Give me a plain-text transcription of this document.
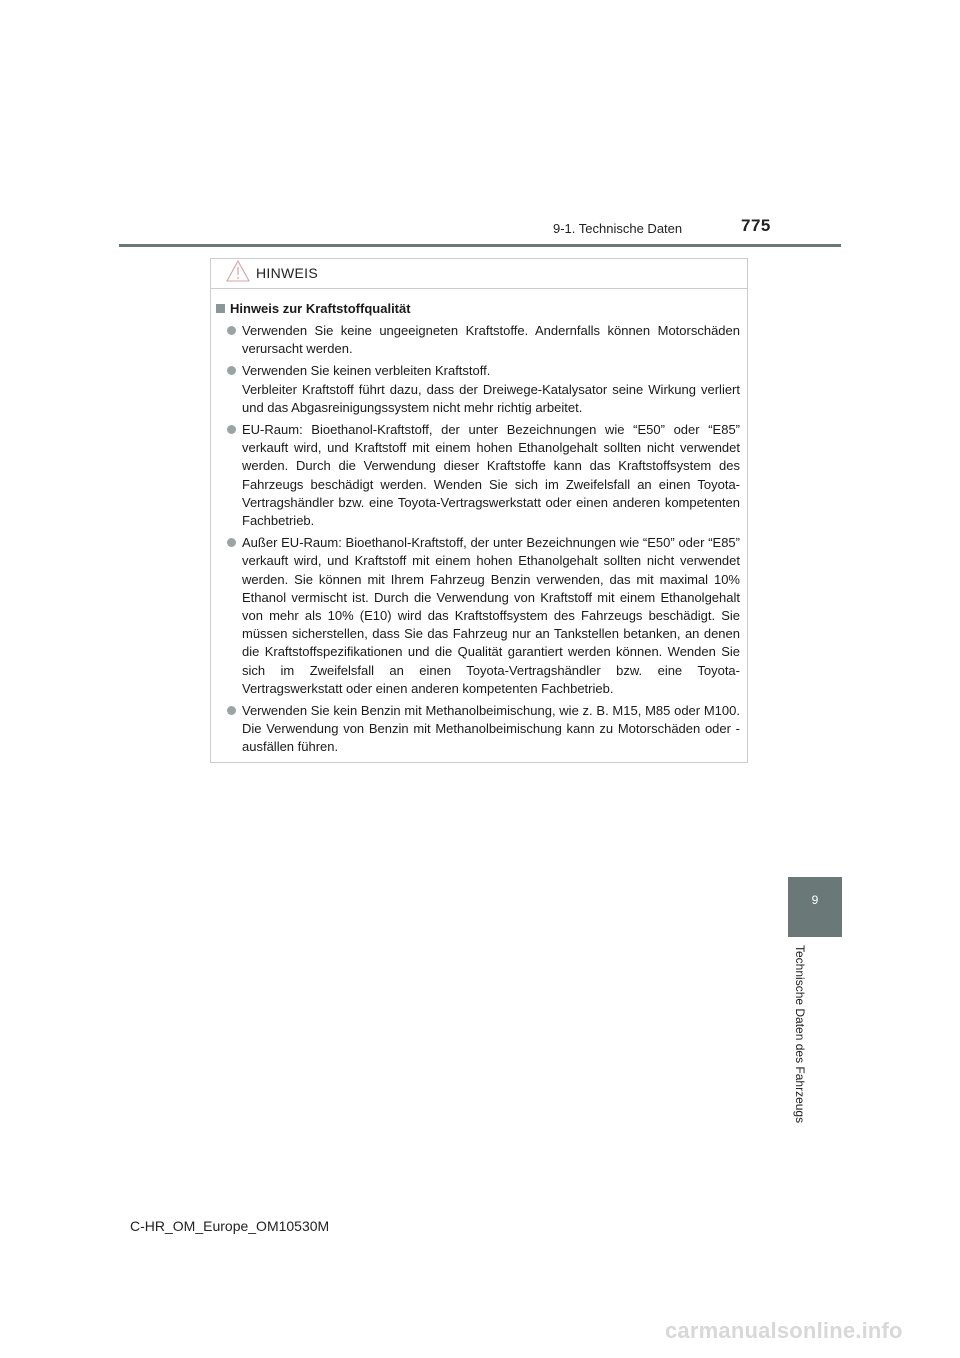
9-1. Technische Daten	775
9
Technische Daten des Fahrzeugs
HINWEIS
Hinweis zur Kraftstoffqualität
Verwenden Sie keine ungeeigneten Kraftstoffe. Andernfalls können Motorschäden verursacht werden.
Verwenden Sie keinen verbleiten Kraftstoff.
Verbleiter Kraftstoff führt dazu, dass der Dreiwege-Katalysator seine Wirkung verliert und das Abgasreinigungssystem nicht mehr richtig arbeitet.
EU-Raum: Bioethanol-Kraftstoff, der unter Bezeichnungen wie “E50” oder “E85” verkauft wird, und Kraftstoff mit einem hohen Ethanolgehalt sollten nicht verwendet werden. Durch die Verwendung dieser Kraftstoffe kann das Kraftstoffsystem des Fahrzeugs beschädigt werden. Wenden Sie sich im Zweifelsfall an einen Toyota-Vertragshändler bzw. eine Toyota-Vertragswerkstatt oder einen anderen kompetenten Fachbetrieb.
Außer EU-Raum: Bioethanol-Kraftstoff, der unter Bezeichnungen wie “E50” oder “E85” verkauft wird, und Kraftstoff mit einem hohen Ethanolgehalt sollten nicht verwendet werden. Sie können mit Ihrem Fahrzeug Benzin verwenden, das mit maximal 10% Ethanol vermischt ist. Durch die Verwendung von Kraftstoff mit einem Ethanolgehalt von mehr als 10% (E10) wird das Kraftstoffsystem des Fahrzeugs beschädigt. Sie müssen sicherstellen, dass Sie das Fahrzeug nur an Tankstellen betanken, an denen die Kraftstoffspezifikationen und die Qualität garantiert werden können. Wenden Sie sich im Zweifelsfall an einen Toyota-Vertragshändler bzw. eine Toyota-Vertragswerkstatt oder einen anderen kompetenten Fachbetrieb.
Verwenden Sie kein Benzin mit Methanolbeimischung, wie z. B. M15, M85 oder M100. Die Verwendung von Benzin mit Methanolbeimischung kann zu Motorschäden oder -ausfällen führen.
C-HR_OM_Europe_OM10530M
carmanualsonline.info
